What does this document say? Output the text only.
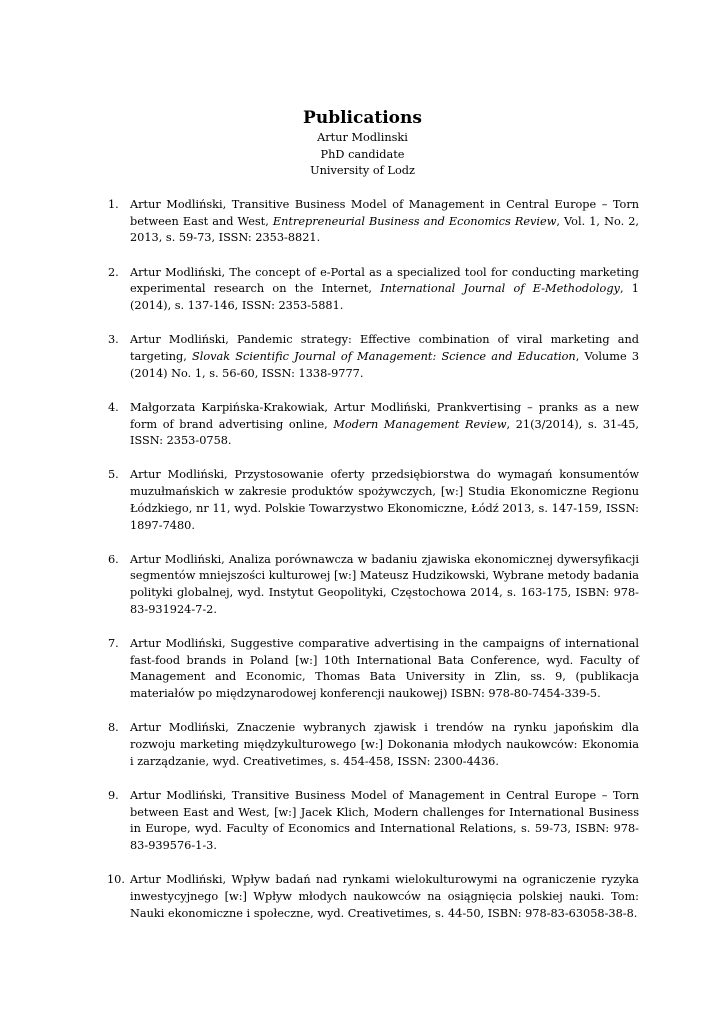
Publications
Artur Modlinski
PhD candidate
University of Lodz
1. Artur Modliński, Transitive Business Model of Management in Central Europe – Torn between East and West, Entrepreneurial Business and Economics Review, Vol. 1, No. 2, 2013, s. 59-73, ISSN: 2353-8821.
2. Artur Modliński, The concept of e-Portal as a specialized tool for conducting marketing experimental research on the Internet, International Journal of E-Methodology, 1 (2014), s. 137-146, ISSN: 2353-5881.
3. Artur Modliński, Pandemic strategy: Effective combination of viral marketing and targeting, Slovak Scientific Journal of Management: Science and Education, Volume 3 (2014) No. 1, s. 56-60, ISSN: 1338-9777.
4. Małgorzata Karpińska-Krakowiak, Artur Modliński, Prankvertising – pranks as a new form of brand advertising online, Modern Management Review, 21(3/2014), s. 31-45, ISSN: 2353-0758.
5. Artur Modliński, Przystosowanie oferty przedsiębiorstwa do wymagań konsumentów muzułmańskich w zakresie produktów spożywczych, [w:] Studia Ekonomiczne Regionu Łódzkiego, nr 11, wyd. Polskie Towarzystwo Ekonomiczne, Łódź 2013, s. 147-159, ISSN: 1897-7480.
6. Artur Modliński, Analiza porównawcza w badaniu zjawiska ekonomicznej dywersyfikacji segmentów mniejszości kulturowej [w:] Mateusz Hudzikowski, Wybrane metody badania polityki globalnej, wyd. Instytut Geopolityki, Częstochowa 2014, s. 163-175, ISBN: 978-83-931924-7-2.
7. Artur Modliński, Suggestive comparative advertising in the campaigns of international fast-food brands in Poland [w:] 10th International Bata Conference, wyd. Faculty of Management and Economic, Thomas Bata University in Zlin, ss. 9, (publikacja materiałów po międzynarodowej konferencji naukowej) ISBN: 978-80-7454-339-5.
8. Artur Modliński, Znaczenie wybranych zjawisk i trendów na rynku japońskim dla rozwoju marketing międzykulturowego [w:] Dokonania młodych naukowców: Ekonomia i zarządzanie, wyd. Creativetimes, s. 454-458, ISSN: 2300-4436.
9. Artur Modliński, Transitive Business Model of Management in Central Europe – Torn between East and West, [w:] Jacek Klich, Modern challenges for International Business in Europe, wyd. Faculty of Economics and International Relations, s. 59-73, ISBN: 978-83-939576-1-3.
10. Artur Modliński, Wpływ badań nad rynkami wielokulturowymi na ograniczenie ryzyka inwestycyjnego [w:] Wpływ młodych naukowców na osiągnięcia polskiej nauki. Tom: Nauki ekonomiczne i społeczne, wyd. Creativetimes, s. 44-50, ISBN: 978-83-63058-38-8.
